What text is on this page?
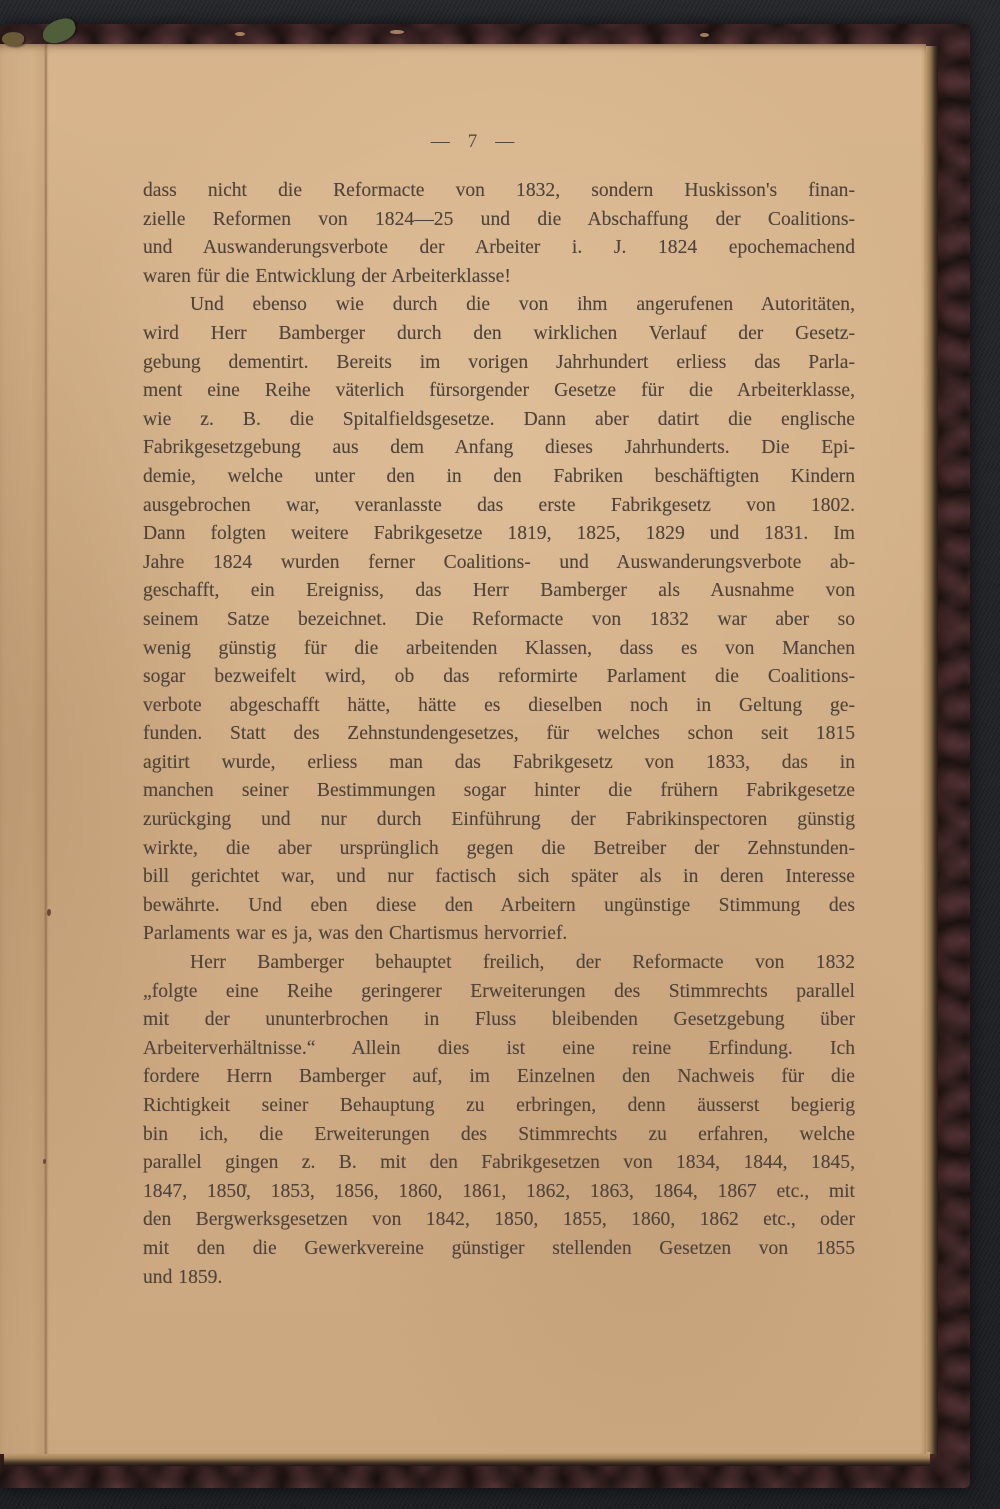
— 7 —
dass nicht die Reformacte von 1832, sondern Huskisson's finan-
zielle Reformen von 1824—25 und die Abschaffung der Coalitions-
und Auswanderungsverbote der Arbeiter i. J. 1824 epochemachend
waren für die Entwicklung der Arbeiterklasse!
Und ebenso wie durch die von ihm angerufenen Autoritäten,
wird Herr Bamberger durch den wirklichen Verlauf der Gesetz-
gebung dementirt. Bereits im vorigen Jahrhundert erliess das Parla-
ment eine Reihe väterlich fürsorgender Gesetze für die Arbeiterklasse,
wie z. B. die Spitalfieldsgesetze. Dann aber datirt die englische
Fabrikgesetzgebung aus dem Anfang dieses Jahrhunderts. Die Epi-
demie, welche unter den in den Fabriken beschäftigten Kindern
ausgebrochen war, veranlasste das erste Fabrikgesetz von 1802.
Dann folgten weitere Fabrikgesetze 1819, 1825, 1829 und 1831. Im
Jahre 1824 wurden ferner Coalitions- und Auswanderungsverbote ab-
geschafft, ein Ereigniss, das Herr Bamberger als Ausnahme von
seinem Satze bezeichnet. Die Reformacte von 1832 war aber so
wenig günstig für die arbeitenden Klassen, dass es von Manchen
sogar bezweifelt wird, ob das reformirte Parlament die Coalitions-
verbote abgeschafft hätte, hätte es dieselben noch in Geltung ge-
funden. Statt des Zehnstundengesetzes, für welches schon seit 1815
agitirt wurde, erliess man das Fabrikgesetz von 1833, das in
manchen seiner Bestimmungen sogar hinter die frühern Fabrikgesetze
zurückging und nur durch Einführung der Fabrikinspectoren günstig
wirkte, die aber ursprünglich gegen die Betreiber der Zehnstunden-
bill gerichtet war, und nur factisch sich später als in deren Interesse
bewährte. Und eben diese den Arbeitern ungünstige Stimmung des
Parlaments war es ja, was den Chartismus hervorrief.
Herr Bamberger behauptet freilich, der Reformacte von 1832
„folgte eine Reihe geringerer Erweiterungen des Stimmrechts parallel
mit der ununterbrochen in Fluss bleibenden Gesetzgebung über
Arbeiterverhältnisse.“ Allein dies ist eine reine Erfindung. Ich
fordere Herrn Bamberger auf, im Einzelnen den Nachweis für die
Richtigkeit seiner Behauptung zu erbringen, denn äusserst begierig
bin ich, die Erweiterungen des Stimmrechts zu erfahren, welche
parallel gingen z. B. mit den Fabrikgesetzen von 1834, 1844, 1845,
1847, 1850, 1853, 1856, 1860, 1861, 1862, 1863, 1864, 1867 etc., mit
den Bergwerksgesetzen von 1842, 1850, 1855, 1860, 1862 etc., oder
mit den die Gewerkvereine günstiger stellenden Gesetzen von 1855
und 1859.
